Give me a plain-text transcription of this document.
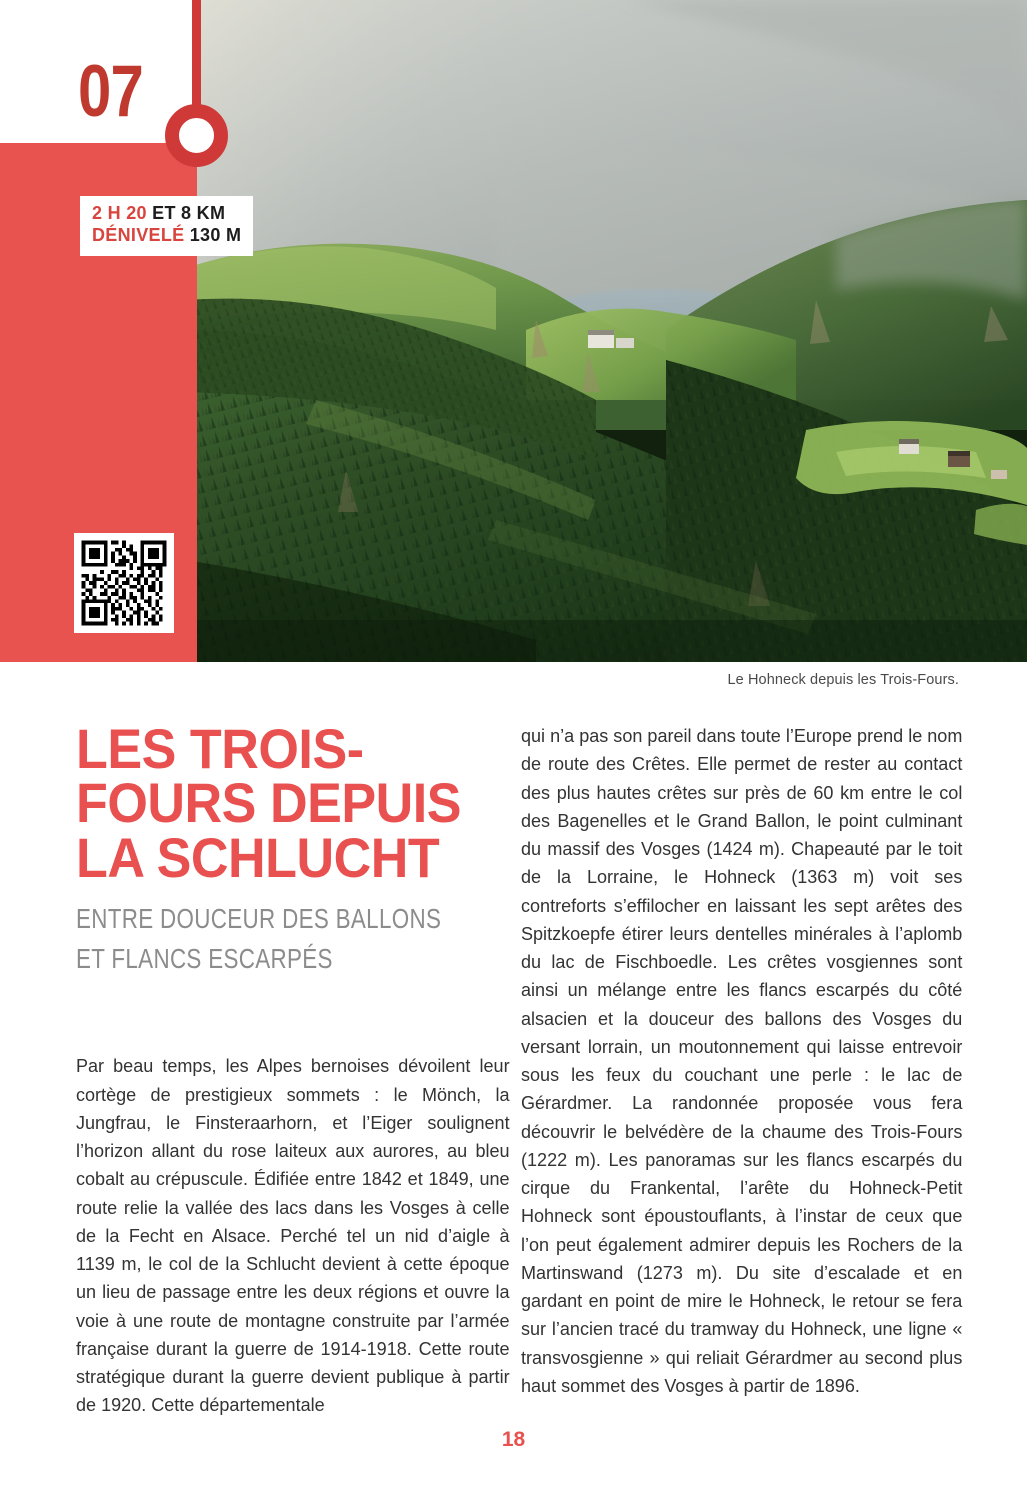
07
2 H 20 ET 8 KM
DÉNIVELÉ 130 M
Le Hohneck depuis les Trois-Fours.
LES TROIS-
FOURS DEPUIS
LA SCHLUCHT
ENTRE DOUCEUR DES BALLONS
ET FLANCS ESCARPÉS

Par beau temps, les Alpes bernoises dévoilent leur cortège de prestigieux sommets : le Mönch, la Jungfrau, le Finsteraarhorn, et l’Eiger soulignent l’horizon allant du rose laiteux aux aurores, au bleu cobalt au crépuscule. Édifiée entre 1842 et 1849, une route relie la vallée des lacs dans les Vosges à celle de la Fecht en Alsace. Perché tel un nid d’aigle à 1139 m, le col de la Schlucht devient à cette époque un lieu de passage entre les deux régions et ouvre la voie à une route de montagne construite par l’armée française durant la guerre de 1914-1918. Cette route stratégique durant la guerre devient publique à partir de 1920. Cette départementale

qui n’a pas son pareil dans toute l’Europe prend le nom de route des Crêtes. Elle permet de rester au contact des plus hautes crêtes sur près de 60 km entre le col des Bagenelles et le Grand Ballon, le point culminant du massif des Vosges (1424 m). Chapeauté par le toit de la Lorraine, le Hohneck (1363 m) voit ses contreforts s’effilocher en laissant les sept arêtes des Spitzkoepfe étirer leurs dentelles minérales à l’aplomb du lac de Fischboedle. Les crêtes vosgiennes sont ainsi un mélange entre les flancs escarpés du côté alsacien et la douceur des ballons des Vosges du versant lorrain, un moutonnement qui laisse entrevoir sous les feux du couchant une perle : le lac de Gérardmer. La randonnée proposée vous fera découvrir le belvédère de la chaume des Trois-Fours (1222 m). Les panoramas sur les flancs escarpés du cirque du Frankental, l’arête du Hohneck-Petit Hohneck sont époustouflants, à l’instar de ceux que l’on peut également admirer depuis les Rochers de la Martinswand (1273 m). Du site d’escalade et en gardant en point de mire le Hohneck, le retour se fera sur l’ancien tracé du tramway du Hohneck, une ligne « transvosgienne » qui reliait Gérardmer au second plus haut sommet des Vosges à partir de 1896.

18
